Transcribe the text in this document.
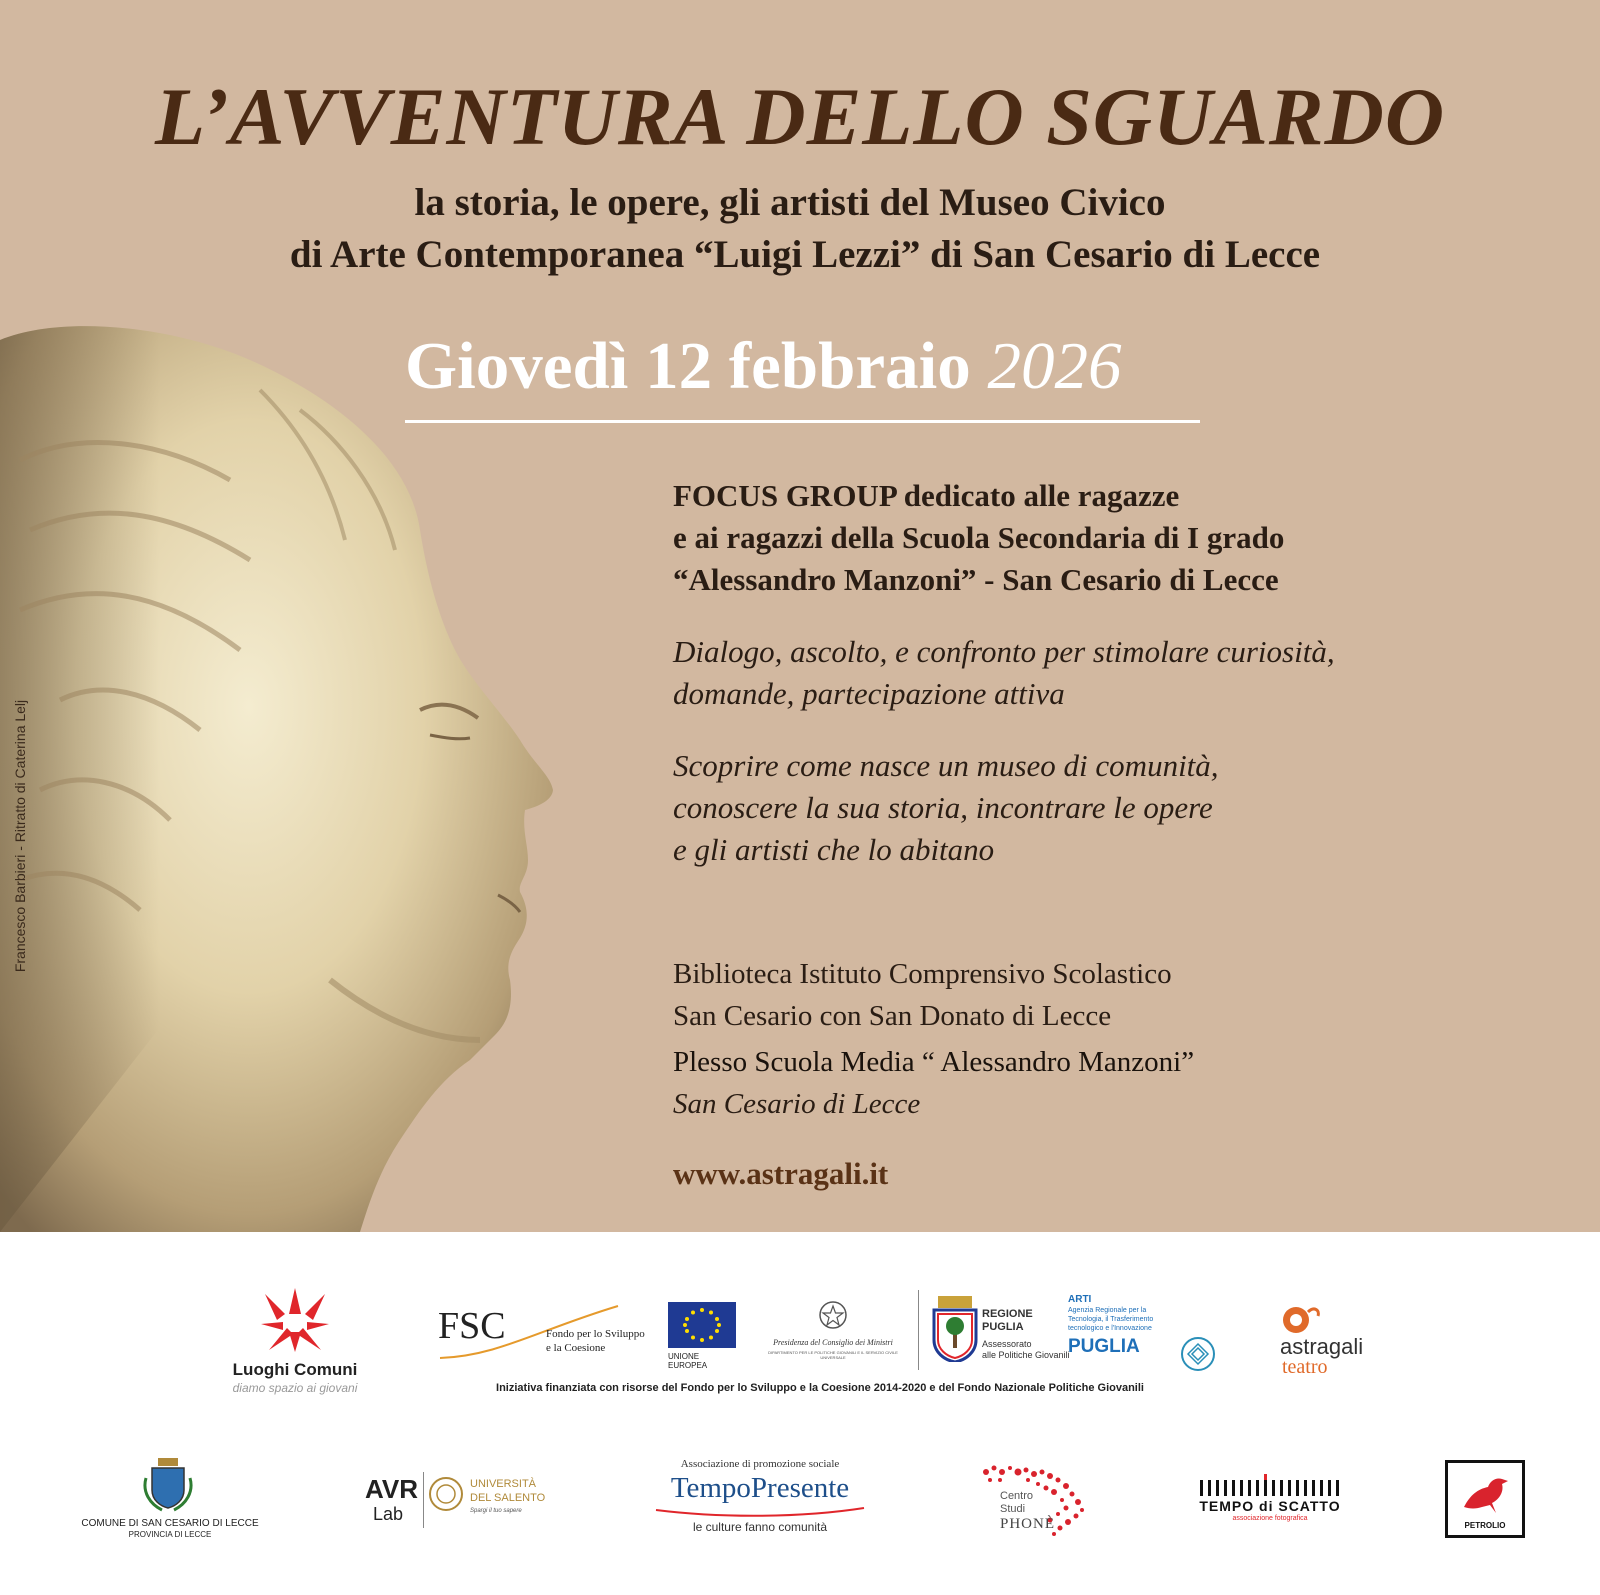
Francesco Barbieri - Ritratto di Caterina Lelj
L’AVVENTURA DELLO SGUARDO
la storia, le opere, gli artisti del Museo Civico
di Arte Contemporanea “Luigi Lezzi” di San Cesario di Lecce
Giovedì 12 febbraio 2026
FOCUS GROUP dedicato alle ragazze
e ai ragazzi della Scuola Secondaria di I grado
“Alessandro Manzoni” - San Cesario di Lecce
Dialogo, ascolto, e confronto per stimolare curiosità,
domande, partecipazione attiva
Scoprire come nasce un museo di comunità,
conoscere la sua storia, incontrare le opere
e gli artisti che lo abitano
Biblioteca Istituto Comprensivo Scolastico
San Cesario con San Donato di Lecce
Plesso Scuola Media “ Alessandro Manzoni”
San Cesario di Lecce
www.astragali.it
Luoghi Comuni
diamo spazio ai giovani
FSC	Fondo per lo Sviluppo
e la Coesione
UNIONE EUROPEA
Presidenza del Consiglio dei Ministri
DIPARTIMENTO PER LE POLITICHE GIOVANILI E IL SERVIZIO CIVILE UNIVERSALE
REGIONE
PUGLIA
Assessorato
alle Politiche Giovanili
ARTI
Agenzia Regionale per la
Tecnologia, il Trasferimento
tecnologico e l'Innovazione
PUGLIA	astragali
teatro
Iniziativa finanziata con risorse del Fondo per lo Sviluppo e la Coesione 2014-2020 e del Fondo Nazionale Politiche Giovanili
COMUNE DI SAN CESARIO DI LECCE
PROVINCIA DI LECCE
AVR
Lab
UNIVERSITÀ
DEL SALENTO
Spargi il tuo sapere
Associazione di promozione sociale
TempoPresente
le culture fanno comunità
Centro
Studi
PHONÈ
TEMPO di SCATTO
associazione fotografica
PETROLIO
